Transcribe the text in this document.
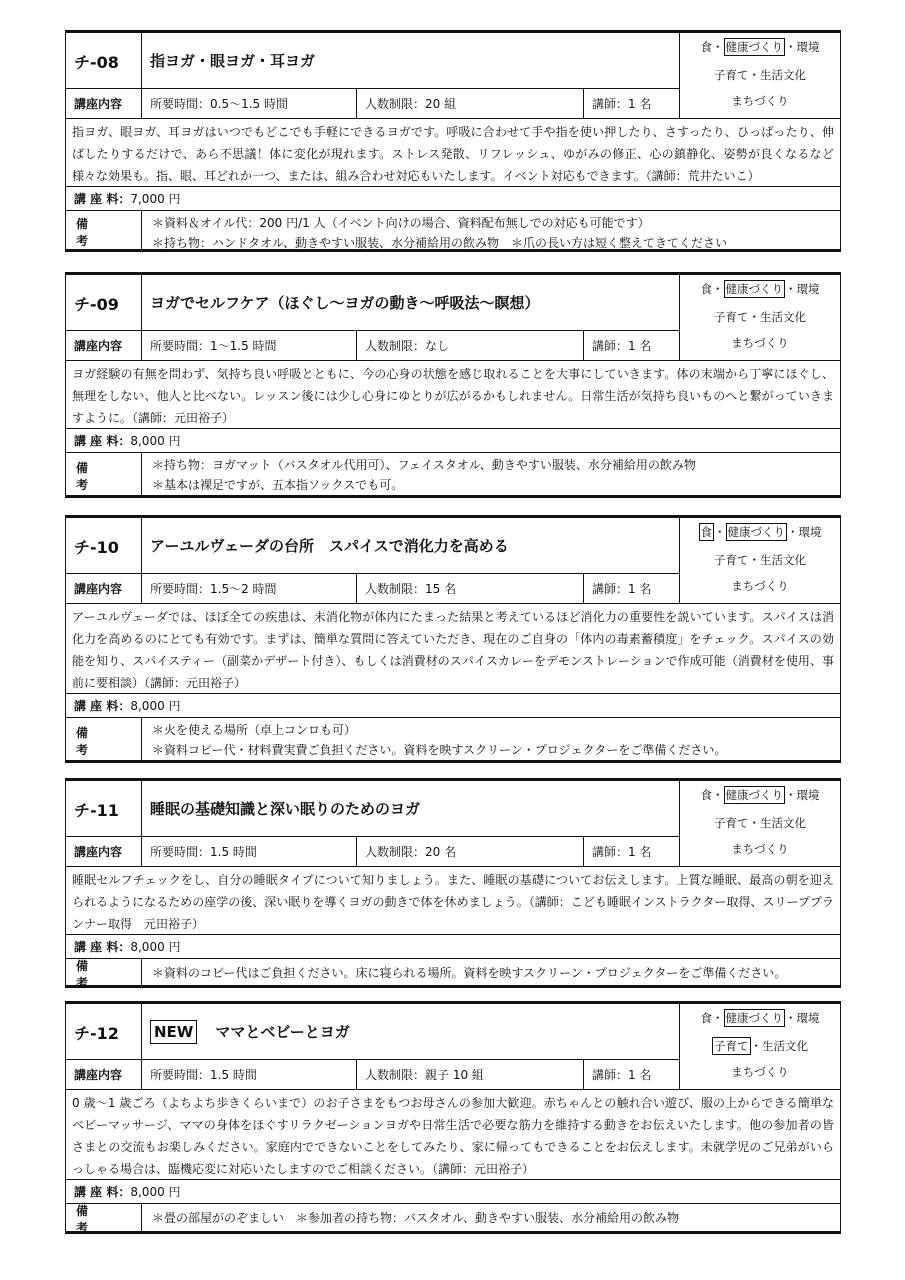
チ-08	指ヨガ・眼ヨガ・耳ヨガ
食・ 健康づくり ・環境
子育て・生活文化
まちづくり
講座内容	所要時間：0.5～1.5 時間	人数制限：20 組	講師：1 名
指ヨガ、眼ヨガ、耳ヨガはいつでもどこでも手軽にできるヨガです。呼吸に合わせて手や指を使い押したり、さすったり、ひっぱったり、伸ばしたりするだけで、あら不思議！体に変化が現れます。ストレス発散、リフレッシュ、ゆがみの修正、心の鎮静化、姿勢が良くなるなど様々な効果も。指、眼、耳どれか一つ、または、組み合わせ対応もいたします。イベント対応もできます。（講師：荒井たいこ）
講 座 料： 7,000 円
備考
＊資料＆オイル代：200 円/1 人（イベント向けの場合、資料配布無しでの対応も可能です）
＊持ち物：ハンドタオル、動きやすい服装、水分補給用の飲み物　＊爪の長い方は短く整えてきてください
チ-09	ヨガでセルフケア（ほぐし～ヨガの動き～呼吸法～瞑想）
食・ 健康づくり ・環境
子育て・生活文化
まちづくり
講座内容	所要時間：1～1.5 時間	人数制限：なし	講師：1 名
ヨガ経験の有無を問わず、気持ち良い呼吸とともに、今の心身の状態を感じ取れることを大事にしていきます。体の末端から丁寧にほぐし、無理をしない、他人と比べない。レッスン後には少し心身にゆとりが広がるかもしれません。日常生活が気持ち良いものへと繋がっていきますように。（講師：元田裕子）
講 座 料： 8,000 円
備考
＊持ち物：ヨガマット（バスタオル代用可）、フェイスタオル、動きやすい服装、水分補給用の飲み物
＊基本は裸足ですが、五本指ソックスでも可。
チ-10	アーユルヴェーダの台所　スパイスで消化力を高める
食 ・ 健康づくり ・環境
子育て・生活文化
まちづくり
講座内容	所要時間：1.5～2 時間	人数制限：15 名	講師：1 名
アーユルヴェーダでは、ほぼ全ての疾患は、未消化物が体内にたまった結果と考えているほど消化力の重要性を説いています。スパイスは消化力を高めるのにとても有効です。まずは、簡単な質問に答えていただき、現在のご自身の「体内の毒素蓄積度」をチェック。スパイスの効能を知り、スパイスティー（副菜かデザート付き）、もしくは消費材のスパイスカレーをデモンストレーションで作成可能（消費材を使用、事前に要相談）（講師：元田裕子）
講 座 料： 8,000 円
備考
＊火を使える場所（卓上コンロも可）
＊資料コピー代・材料費実費ご負担ください。資料を映すスクリーン・プロジェクターをご準備ください。
チ-11	睡眠の基礎知識と深い眠りのためのヨガ
食・ 健康づくり ・環境
子育て・生活文化
まちづくり
講座内容	所要時間：1.5 時間	人数制限：20 名	講師：1 名
睡眠セルフチェックをし、自分の睡眠タイプについて知りましょう。また、睡眠の基礎についてお伝えします。上質な睡眠、最高の朝を迎えられるようになるための座学の後、深い眠りを導くヨガの動きで体を休めましょう。（講師：こども睡眠インストラクター取得、スリーププランナー取得　元田裕子）
講 座 料： 8,000 円
備考
＊資料のコピー代はご負担ください。床に寝られる場所。資料を映すスクリーン・プロジェクターをご準備ください。
チ-12	NEW ママとベビーとヨガ
食・ 健康づくり ・環境
子育て ・生活文化
まちづくり
講座内容	所要時間：1.5 時間	人数制限：親子 10 組	講師：1 名
0 歳～1 歳ごろ（よちよち歩きくらいまで）のお子さまをもつお母さんの参加大歓迎。赤ちゃんとの触れ合い遊び、服の上からできる簡単なベビーマッサージ、ママの身体をほぐすリラクゼーションヨガや日常生活で必要な筋力を維持する動きをお伝えいたします。他の参加者の皆さまとの交流もお楽しみください。家庭内でできないことをしてみたり、家に帰ってもできることをお伝えします。未就学児のご兄弟がいらっしゃる場合は、臨機応変に対応いたしますのでご相談ください。（講師：元田裕子）
講 座 料： 8,000 円
備考
＊畳の部屋がのぞましい　＊参加者の持ち物：バスタオル、動きやすい服装、水分補給用の飲み物
